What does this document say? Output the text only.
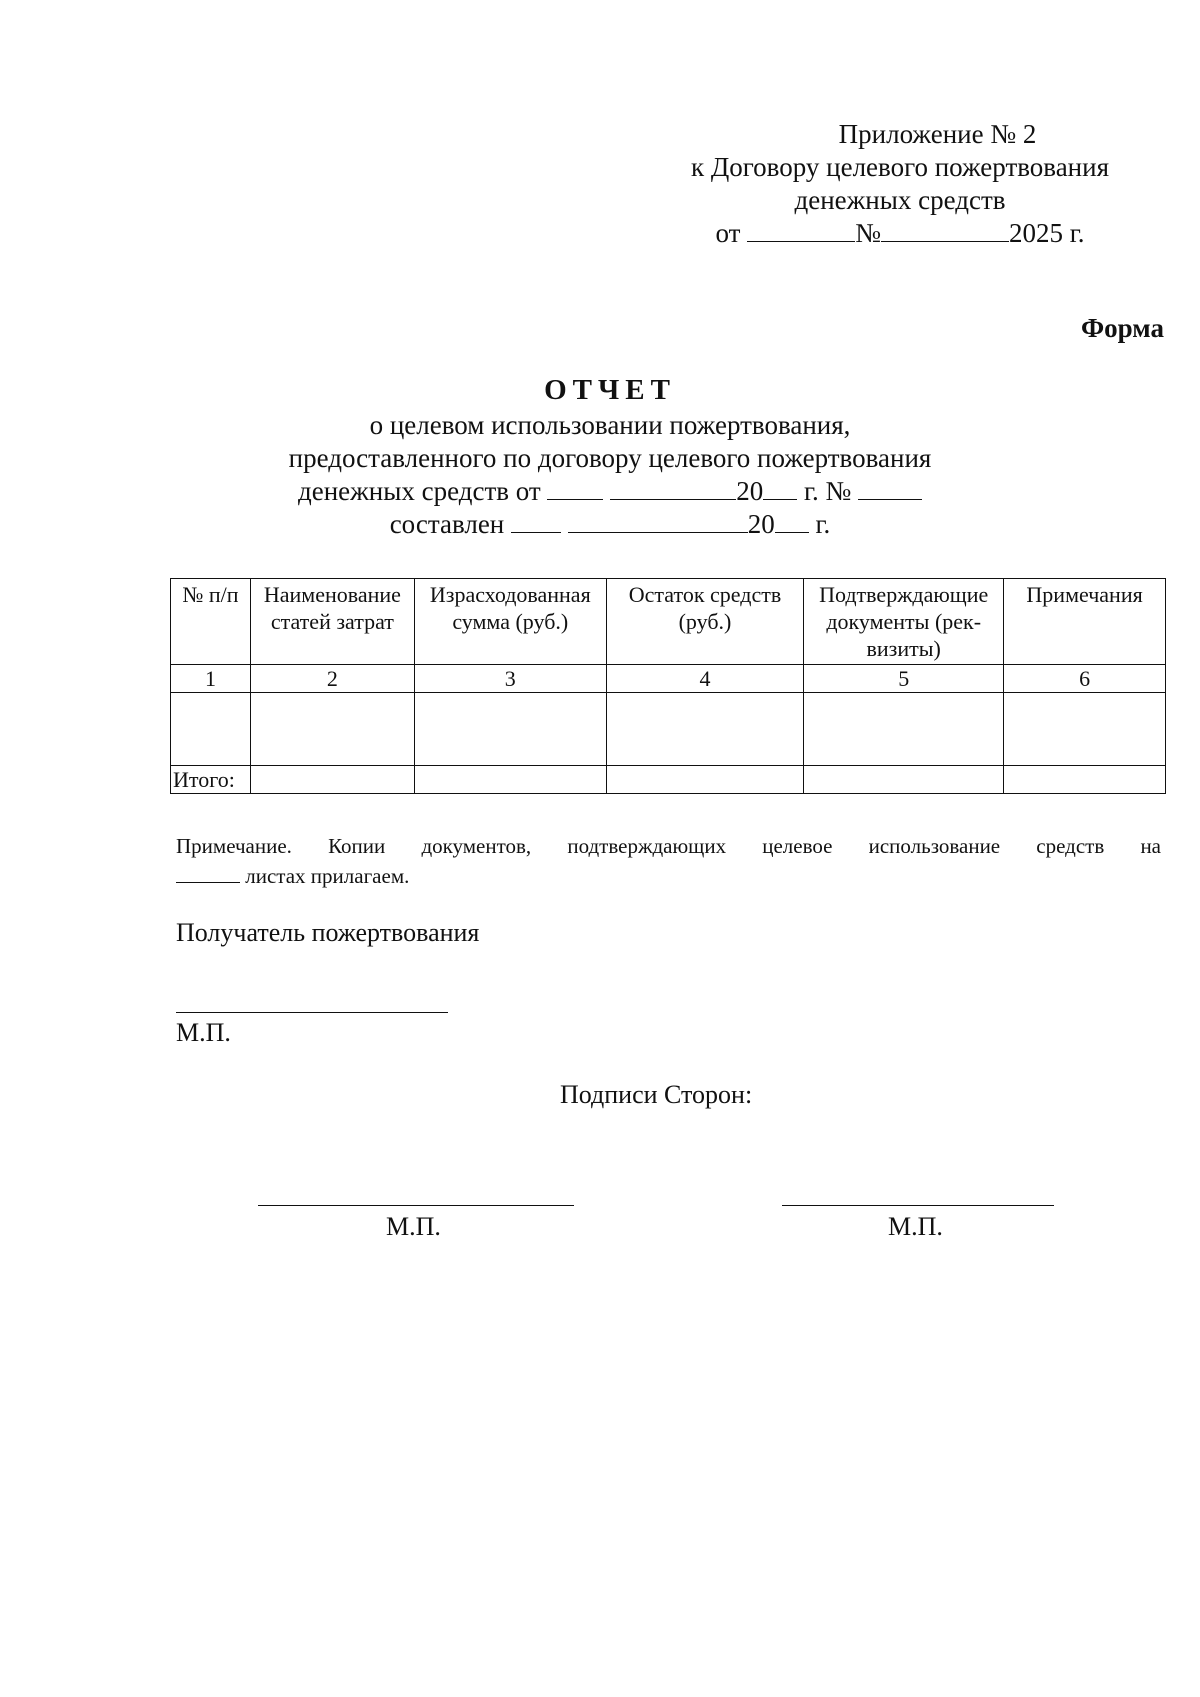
Приложение № 2
к Договору целевого пожертвования
денежных средств
от	№	2025 г.
Форма
ОТЧЕТ
о целевом использовании пожертвования,
предоставленного по договору целевого пожертвования
денежных средств от	20 г. №
составлен	20 г.
№ п/п	Наименование статей затрат	Израсходованная сумма (руб.)	Остаток средств (руб.)	Подтверждающие документы (рек-визиты)	Примечания
1	2	3	4	5	6

Итого:					
Примечание. Копии документов, подтверждающих целевое использование средств на
листах прилагаем.
Получатель пожертвования
М.П.
Подписи Сторон:
М.П.	М.П.
